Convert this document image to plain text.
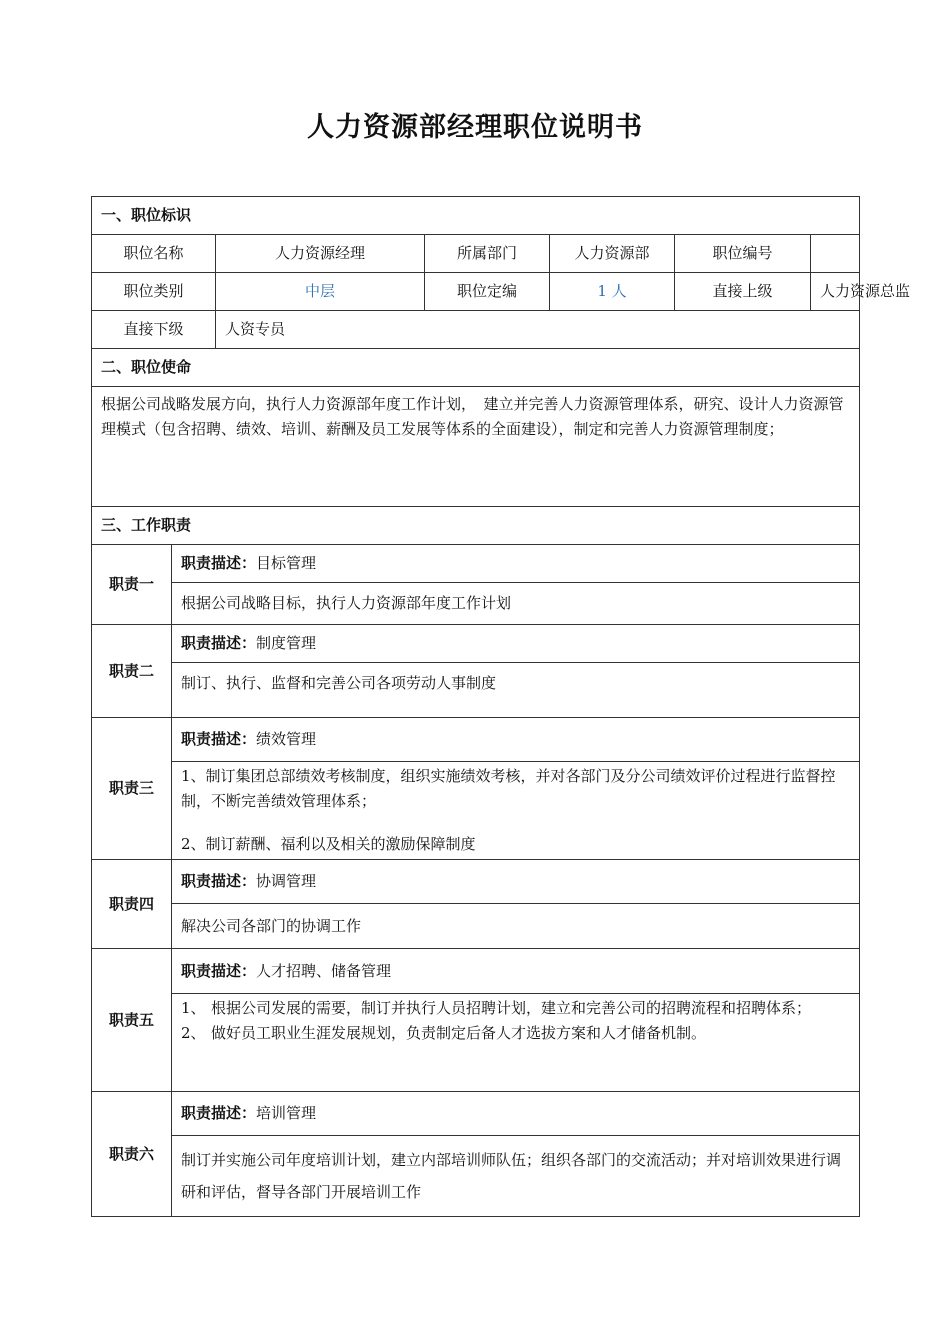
人力资源部经理职位说明书
一、职位标识						
职位名称		人力资源经理	所属部门	人力资源部	职位编号	
职位类别		中层	职位定编	1 人	直接上级	人力资源总监
直接下级		人资专员				
二、职位使命						
根据公司战略发展方向，执行人力资源部年度工作计划，　建立并完善人力资源管理体系，研究、设计人力资源管理模式（包含招聘、绩效、培训、薪酬及员工发展等体系的全面建设），制定和完善人力资源管理制度；						
三、工作职责						
职责一	职责描述：目标管理					
	根据公司战略目标，执行人力资源部年度工作计划					
职责二	职责描述：制度管理					
	制订、执行、监督和完善公司各项劳动人事制度					
职责三	职责描述：绩效管理					

	1、制订集团总部绩效考核制度，组织实施绩效考核，并对各部门及分公司绩效评价过程进行监督控制，不断完善绩效管理体系；
2、制订薪酬、福利以及相关的激励保障制度					

职责四	职责描述：协调管理					
	解决公司各部门的协调工作					
职责五	职责描述：人才招聘、储备管理					

	1、 根据公司发展的需要，制订并执行人员招聘计划，建立和完善公司的招聘流程和招聘体系；
2、 做好员工职业生涯发展规划，负责制定后备人才选拔方案和人才储备机制。					

职责六	职责描述：培训管理					
	制订并实施公司年度培训计划，建立内部培训师队伍；组织各部门的交流活动；并对培训效果进行调研和评估，督导各部门开展培训工作					
